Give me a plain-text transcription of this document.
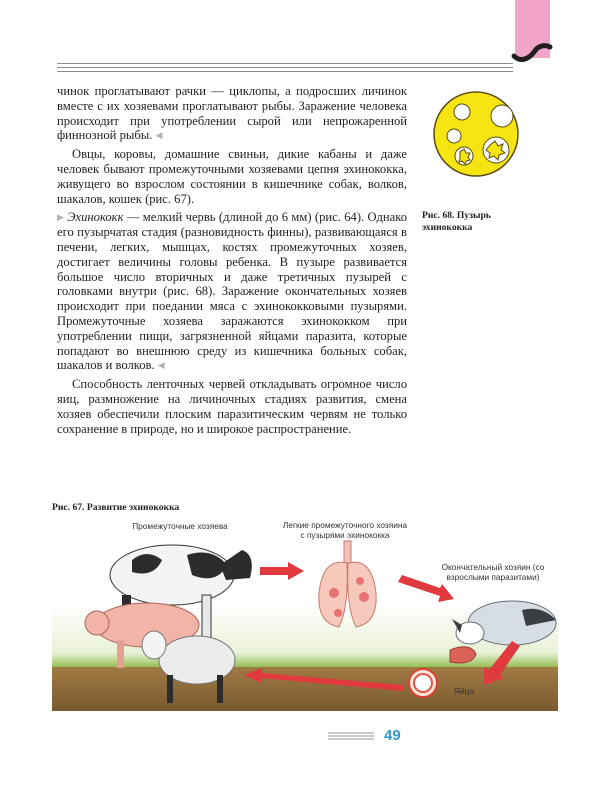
чинок проглатывают рачки — циклопы, а подросших личинок вместе с их хозяевами проглатывают рыбы. Заражение человека происходит при употреблении сырой или непрожаренной финнозной рыбы. ◀

Овцы, коровы, домашние свиньи, дикие кабаны и даже человек бывают промежуточными хозяевами цепня эхинококка, живущего во взрослом состоянии в кишечнике собак, волков, шакалов, кошек (рис. 67).

▶ Эхинококк — мелкий червь (длиной до 6 мм) (рис. 64). Однако его пузырчатая стадия (разновидность финны), развивающаяся в печени, легких, мышцах, костях промежуточных хозяев, достигает величины головы ребенка. В пузыре развивается большое число вторичных и даже третичных пузырей с головками внутри (рис. 68). Заражение окончательных хозяев происходит при поедании мяса с эхинококковыми пузырями. Промежуточные хозяева заражаются эхинококком при употреблении пищи, загрязненной яйцами паразита, которые попадают во внешнюю среду из кишечника больных собак, шакалов и волков. ◀

Способность ленточных червей откладывать огромное число яиц, размножение на личиночных стадиях развития, смена хозяев обеспечили плоским паразитическим червям не только сохранение в природе, но и широкое распространение.

Рис. 68. Пузырь эхинококка
Рис. 67. Развитие эхинококка
Промежуточные хозяева	Легкие промежуточного хозяина с пузырями эхинококка
Окончательный хозяин (со взрослыми паразитами)
Яйцо
49
